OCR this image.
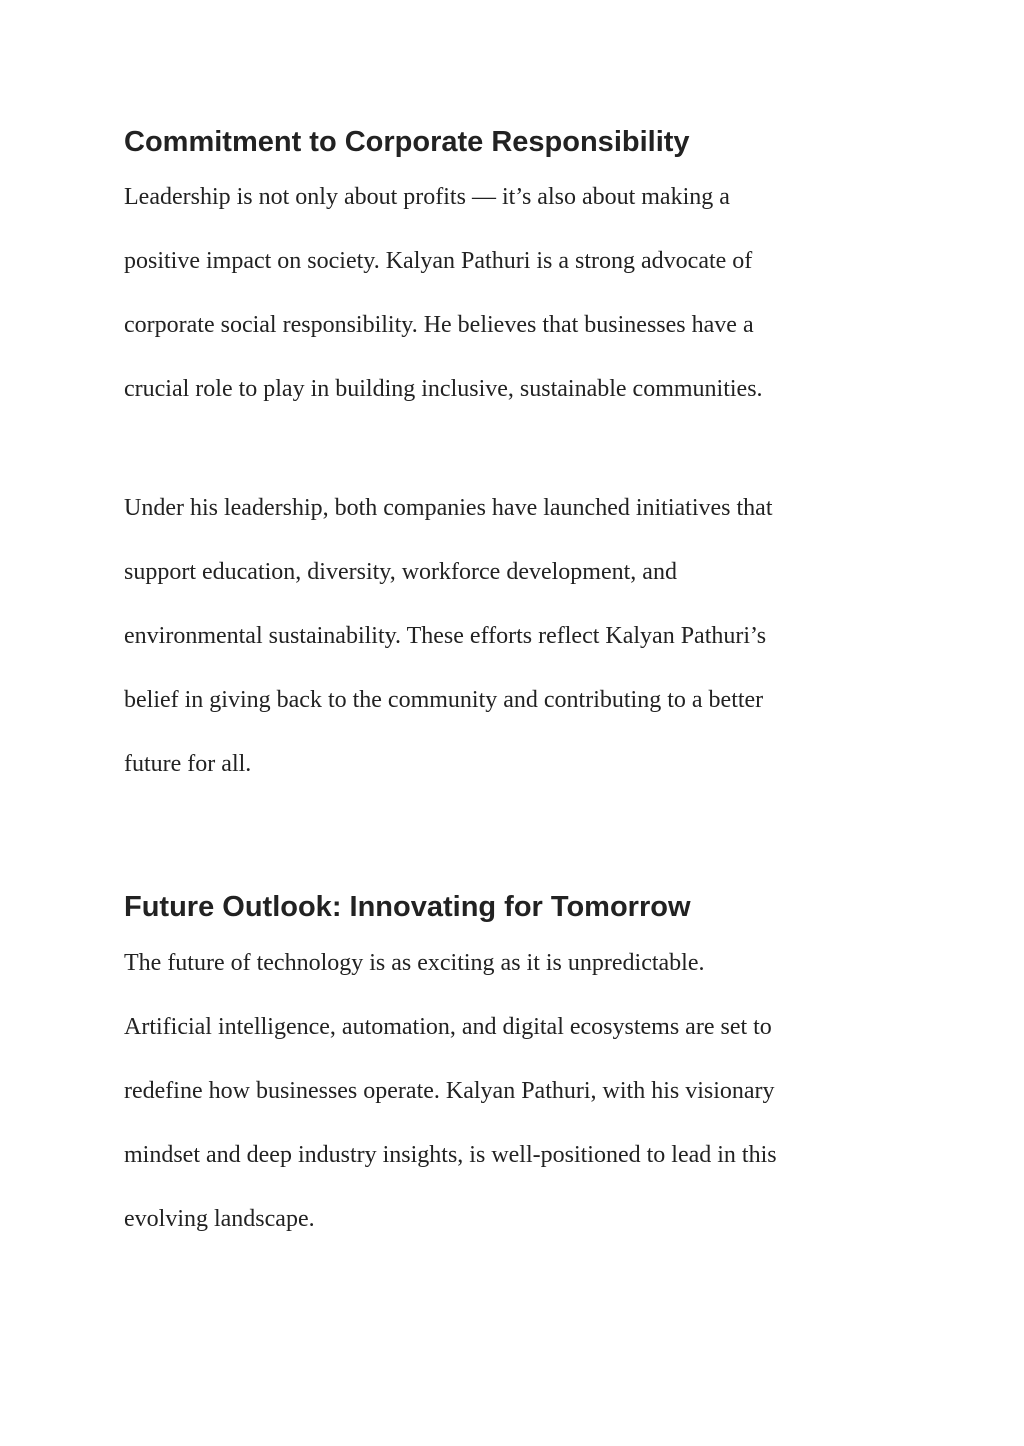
Commitment to Corporate Responsibility

Leadership is not only about profits — it’s also about making a

positive impact on society. Kalyan Pathuri is a strong advocate of

corporate social responsibility. He believes that businesses have a

crucial role to play in building inclusive, sustainable communities.

Under his leadership, both companies have launched initiatives that

support education, diversity, workforce development, and

environmental sustainability. These efforts reflect Kalyan Pathuri’s

belief in giving back to the community and contributing to a better

future for all.

Future Outlook: Innovating for Tomorrow

The future of technology is as exciting as it is unpredictable.

Artificial intelligence, automation, and digital ecosystems are set to

redefine how businesses operate. Kalyan Pathuri, with his visionary

mindset and deep industry insights, is well-positioned to lead in this

evolving landscape.
